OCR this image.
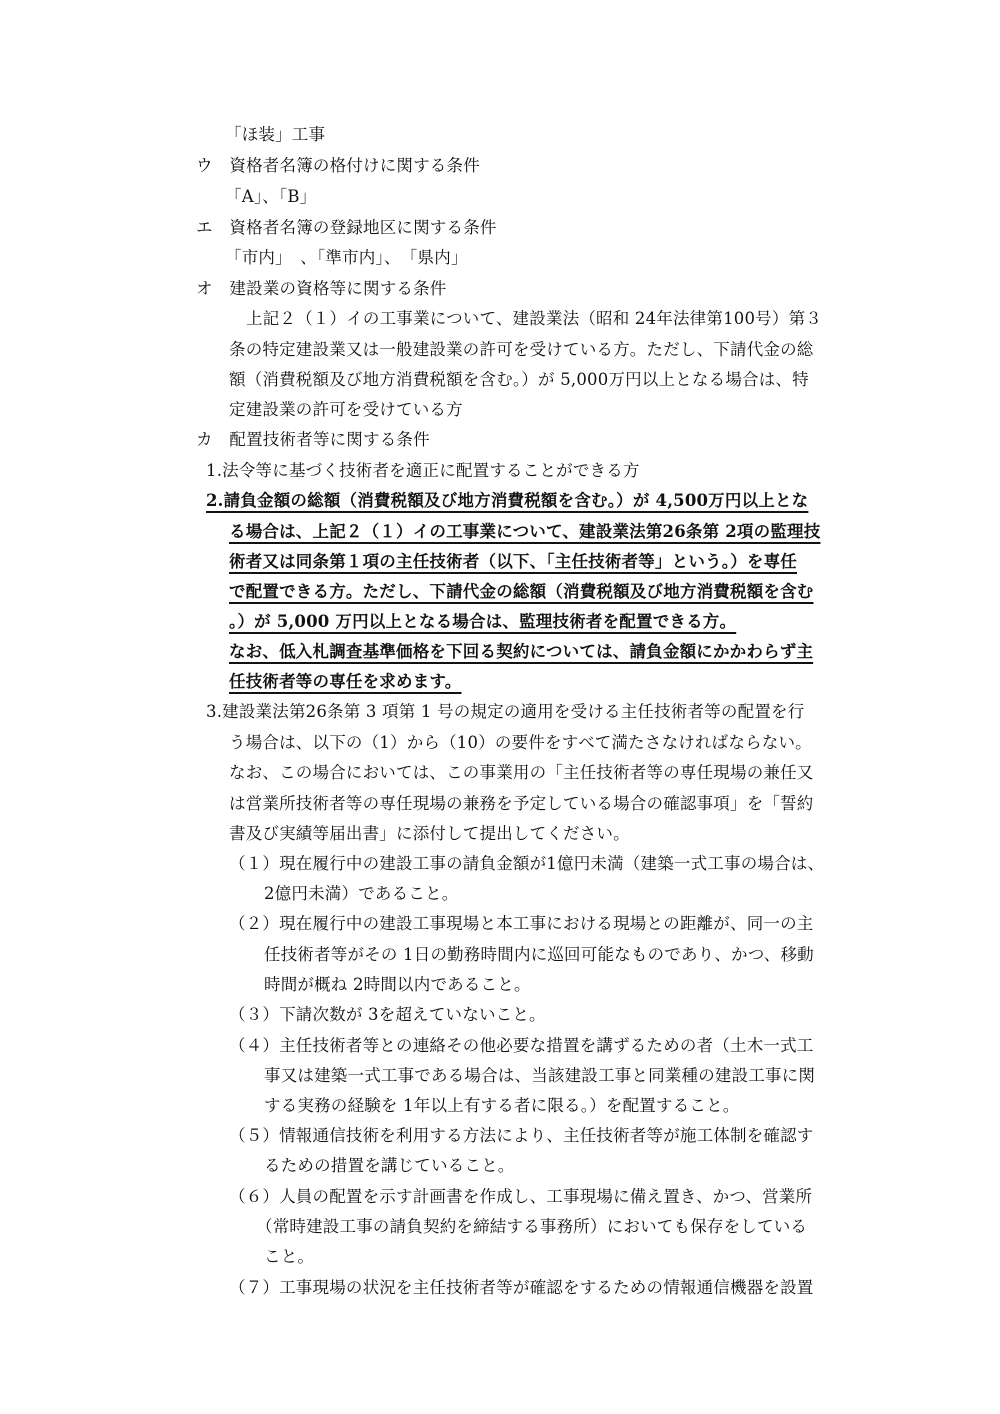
「ほ装」工事
ウ　資格者名簿の格付けに関する条件
「A」、「B」
エ　資格者名簿の登録地区に関する条件
「市内」　、「準市内」、　「県内」
オ　建設業の資格等に関する条件
上記２（１）イの工事業について、建設業法（昭和 24年法律第100号）第３
条の特定建設業又は一般建設業の許可を受けている方。ただし、下請代金の総
額（消費税額及び地方消費税額を含む。）が 5,000万円以上となる場合は、特
定建設業の許可を受けている方
カ　配置技術者等に関する条件
1.法令等に基づく技術者を適正に配置することができる方
2.請負金額の総額（消費税額及び地方消費税額を含む。）が 4,500万円以上とな
る場合は、上記２（１）イの工事業について、建設業法第26条第 2項の監理技
術者又は同条第１項の主任技術者（以下、「主任技術者等」という。）を専任
で配置できる方。ただし、下請代金の総額（消費税額及び地方消費税額を含む
。）が 5,000 万円以上となる場合は、監理技術者を配置できる方。
なお、低入札調査基準価格を下回る契約については、請負金額にかかわらず主
任技術者等の専任を求めます。
3.建設業法第26条第 3 項第 1 号の規定の適用を受ける主任技術者等の配置を行
う場合は、以下の（1）から（10）の要件をすべて満たさなければならない。
なお、この場合においては、この事業用の「主任技術者等の専任現場の兼任又
は営業所技術者等の専任現場の兼務を予定している場合の確認事項」を「誓約
書及び実績等届出書」に添付して提出してください。
（１）現在履行中の建設工事の請負金額が1億円未満（建築一式工事の場合は、
2億円未満）であること。
（２）現在履行中の建設工事現場と本工事における現場との距離が、同一の主
任技術者等がその 1日の勤務時間内に巡回可能なものであり、かつ、移動
時間が概ね 2時間以内であること。
（３）下請次数が 3を超えていないこと。
（４）主任技術者等との連絡その他必要な措置を講ずるための者（土木一式工
事又は建築一式工事である場合は、当該建設工事と同業種の建設工事に関
する実務の経験を 1年以上有する者に限る。）を配置すること。
（５）情報通信技術を利用する方法により、主任技術者等が施工体制を確認す
るための措置を講じていること。
（６）人員の配置を示す計画書を作成し、工事現場に備え置き、かつ、営業所
（常時建設工事の請負契約を締結する事務所）においても保存をしている
こと。
（７）工事現場の状況を主任技術者等が確認をするための情報通信機器を設置
